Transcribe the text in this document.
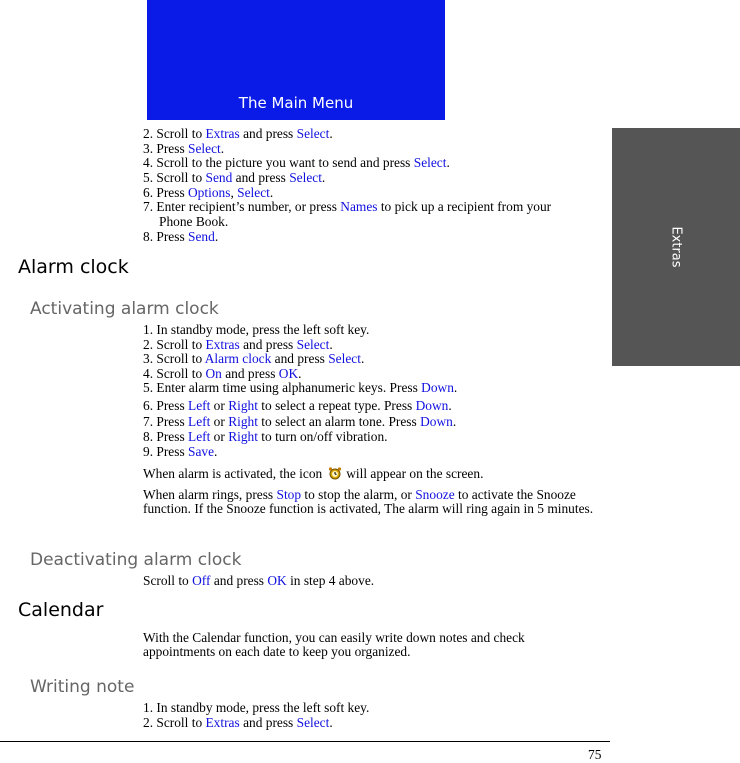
The Main Menu
Extras
2. Scroll to Extras and press Select.
3. Press Select.
4. Scroll to the picture you want to send and press Select.
5. Scroll to Send and press Select.
6. Press Options, Select.
7. Enter recipient’s number, or press Names to pick up a recipient from your
Phone Book.
8. Press Send.
Alarm clock
Activating alarm clock
1. In standby mode, press the left soft key.
2. Scroll to Extras and press Select.
3. Scroll to Alarm clock and press Select.
4. Scroll to On and press OK.
5. Enter alarm time using alphanumeric keys. Press Down.
6. Press Left or Right to select a repeat type. Press Down.
7. Press Left or Right to select an alarm tone. Press Down.
8. Press Left or Right to turn on/off vibration.
9. Press Save.
When alarm is activated, the icon will appear on the screen.
When alarm rings, press Stop to stop the alarm, or Snooze to activate the Snooze function. If the Snooze function is activated, The alarm will ring again in 5 minutes.
Deactivating alarm clock
Scroll to Off and press OK in step 4 above.
Calendar
With the Calendar function, you can easily write down notes and check appointments on each date to keep you organized.
Writing note
1. In standby mode, press the left soft key.
2. Scroll to Extras and press Select.
75
